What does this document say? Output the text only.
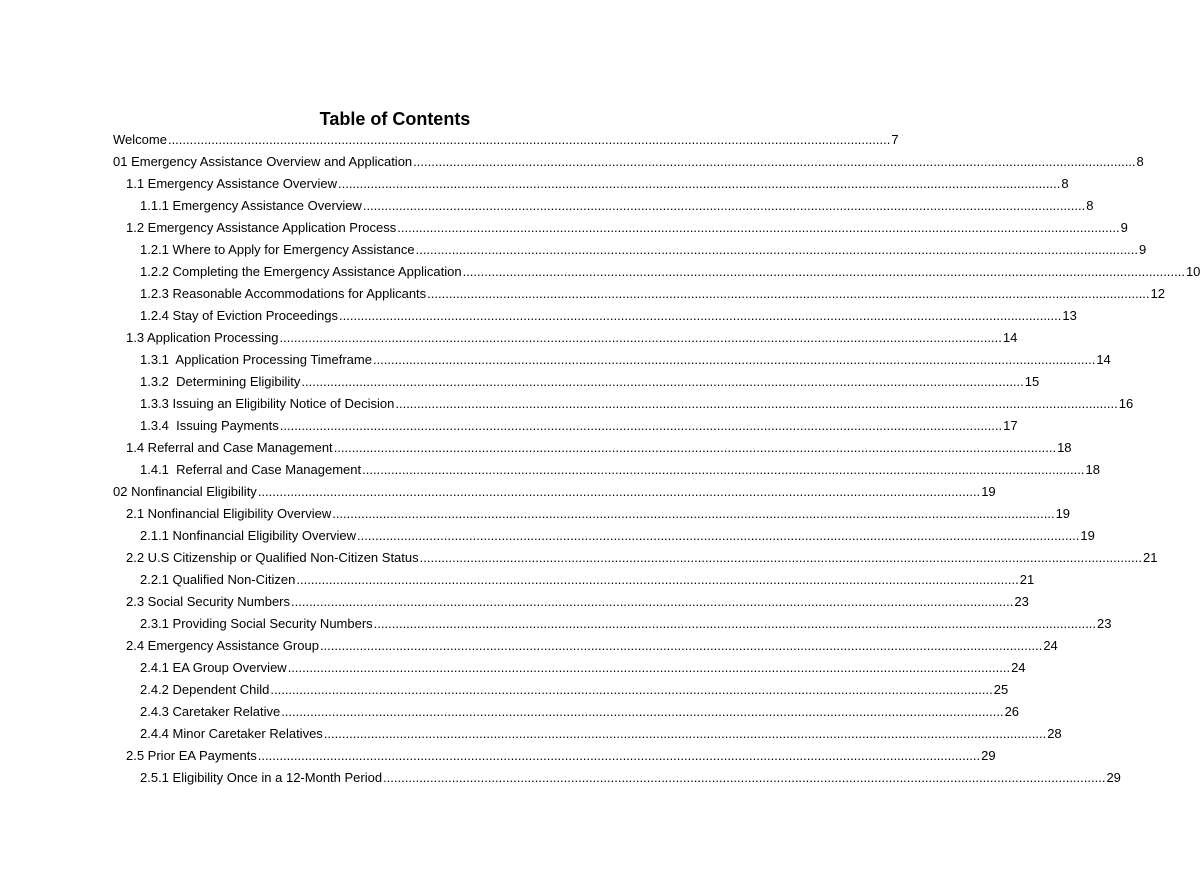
Table of Contents
Welcome ........................................................................................................................................................................................................ 7
01 Emergency Assistance Overview and Application ........................................................................................................................................................................................................ 8
1.1 Emergency Assistance Overview ........................................................................................................................................................................................................ 8
1.1.1 Emergency Assistance Overview ........................................................................................................................................................................................................ 8
1.2 Emergency Assistance Application Process ........................................................................................................................................................................................................ 9
1.2.1 Where to Apply for Emergency Assistance ........................................................................................................................................................................................................ 9
1.2.2 Completing the Emergency Assistance Application ........................................................................................................................................................................................................ 10
1.2.3 Reasonable Accommodations for Applicants ........................................................................................................................................................................................................ 12
1.2.4 Stay of Eviction Proceedings ........................................................................................................................................................................................................ 13
1.3 Application Processing ........................................................................................................................................................................................................ 14
1.3.1  Application Processing Timeframe ........................................................................................................................................................................................................ 14
1.3.2  Determining Eligibility ........................................................................................................................................................................................................ 15
1.3.3 Issuing an Eligibility Notice of Decision ........................................................................................................................................................................................................ 16
1.3.4  Issuing Payments ........................................................................................................................................................................................................ 17
1.4 Referral and Case Management ........................................................................................................................................................................................................ 18
1.4.1  Referral and Case Management ........................................................................................................................................................................................................ 18
02 Nonfinancial Eligibility ........................................................................................................................................................................................................ 19
2.1 Nonfinancial Eligibility Overview ........................................................................................................................................................................................................ 19
2.1.1 Nonfinancial Eligibility Overview ........................................................................................................................................................................................................ 19
2.2 U.S Citizenship or Qualified Non-Citizen Status ........................................................................................................................................................................................................ 21
2.2.1 Qualified Non-Citizen ........................................................................................................................................................................................................ 21
2.3 Social Security Numbers ........................................................................................................................................................................................................ 23
2.3.1 Providing Social Security Numbers ........................................................................................................................................................................................................ 23
2.4 Emergency Assistance Group ........................................................................................................................................................................................................ 24
2.4.1 EA Group Overview ........................................................................................................................................................................................................ 24
2.4.2 Dependent Child ........................................................................................................................................................................................................ 25
2.4.3 Caretaker Relative ........................................................................................................................................................................................................ 26
2.4.4 Minor Caretaker Relatives ........................................................................................................................................................................................................ 28
2.5 Prior EA Payments ........................................................................................................................................................................................................ 29
2.5.1 Eligibility Once in a 12-Month Period ........................................................................................................................................................................................................ 29
